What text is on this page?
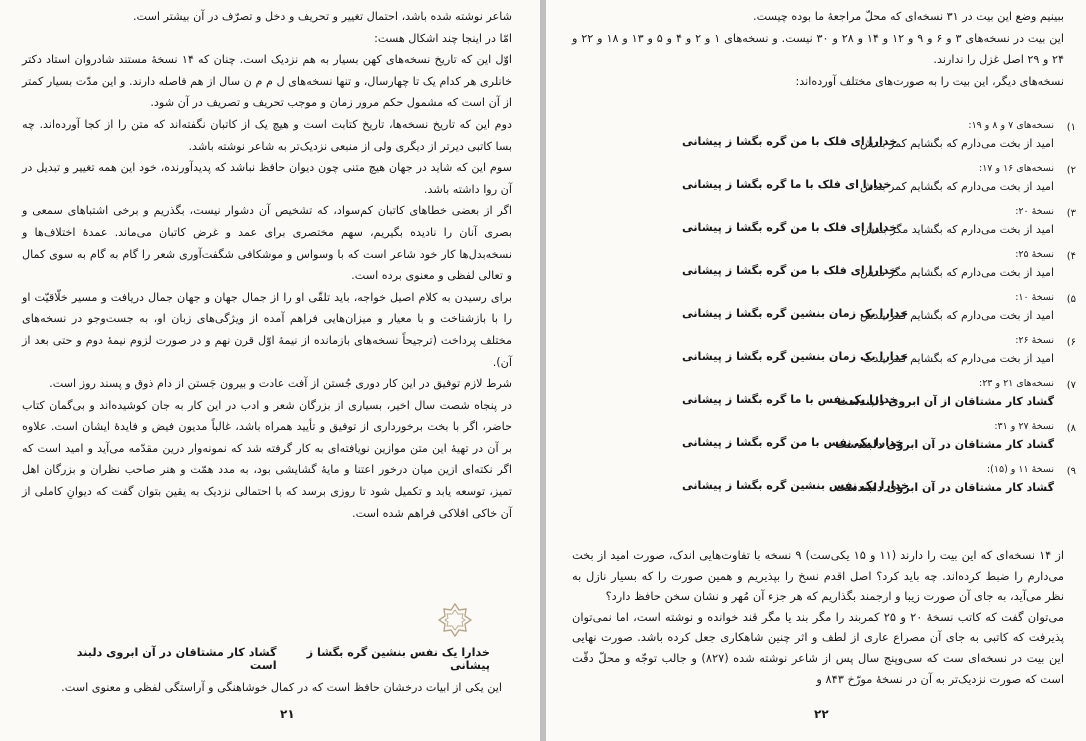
شاعر نوشته شده باشد، احتمال تغییر و تحریف و دخل و تصرّف در آن بیشتر است.

امّا در اینجا چند اشکال هست:

اوّل این که تاریخ نسخه‌های کهن بسیار به هم نزدیک است. چنان که ۱۴ نسخهٔ مستند شادروان استاد دکتر خانلری هر کدام یک تا چهارسال، و تنها نسخه‌های ل م م ن سال از هم فاصله دارند. و این مدّت بسیار کمتر از آن است که مشمول حکم مرور زمان و موجب تحریف و تصریف در آن شود.

دوم این که تاریخ نسخه‌ها، تاریخ کتابت است و هیچ یک از کاتبان نگفته‌اند که متن را از کجا آورده‌اند. چه بسا کاتبی دیرتر از دیگری ولی از منبعی نزدیک‌تر به شاعر نوشته باشد.

سوم این که شاید در جهان هیچ متنی چون دیوان حافظ نباشد که پدیدآورنده، خود این همه تغییر و تبدیل در آن روا داشته باشد.

اگر از بعضی خطاهای کاتبان کم‌سواد، که تشخیص آن دشوار نیست، بگذریم و برخی اشتباهای سمعی و بصری آنان را نادیده بگیریم، سهم مختصری برای عمد و غرض کاتبان می‌ماند. عمدهٔ اختلاف‌ها و نسخه‌بدل‌ها کار خود شاعر است که با وسواس و موشکافی شگفت‌آوری شعر را گام به گام به سوی کمال و تعالی لفظی و معنوی برده است.

برای رسیدن به کلام اصیل خواجه، باید تلقّی او را از جمال جهان و جهان جمال دریافت و مسیر خلّاقیّت او را با بازشناخت و با معیار و میزان‌هایی فراهم آمده از ویژگی‌های زبان او، به جست‌وجو در نسخه‌های مختلف پرداخت (ترجیحاً نسخه‌های بازمانده از نیمهٔ اوّل قرن نهم و در صورت لزوم نیمهٔ دوم و حتی بعد از آن).

شرط لازم توفیق در این کار دوری جُستن از آفت عادت و بیرون جَستن از دام ذوق و پسند روز است.

در پنجاه شصت سال اخیر، بسیاری از بزرگان شعر و ادب در این کار به جان کوشیده‌اند و بی‌گمان کتاب حاضر، اگر با بخت برخورداری از توفیق و تأیید همراه باشد، غالباً مدیون فیض و فایدهٔ ایشان است. علاوه بر آن در تهیهٔ این متن موازین نویافته‌ای به کار گرفته شد که نمونه‌وار درین مقدّمه می‌آید و امید است که اگر نکته‌ای ازین میان درخور اعتنا و مایهٔ گشایشی بود، به مدد همّت و هنر صاحب نظران و بزرگان اهل تمیز، توسعه یابد و تکمیل شود تا روزی برسد که با احتمالی نزدیک به یقین بتوان گفت که دیوانِ کاملی از آن خاکی افلاکی فراهم شده است.

خدارا یک نفس بنشین گره بگشا ز پیشانی
گشاد کار مشتاقان در آن ابروی دلبند است
این یکی از ابیات درخشان حافظ است که در کمال خوشاهنگی و آراستگی لفظی و معنوی است.
۲۱

ببینیم وضع این بیت در ۳۱ نسخه‌ای که محلّ مراجعهٔ ما بوده چیست.

این بیت در نسخه‌های ۳ و ۶ و ۹ و ۱۲ و ۱۴ و ۲۸ و ۳۰ نیست. و نسخه‌های ۱ و ۲ و ۴ و ۵ و ۱۳ و ۱۸ و ۲۲ و ۲۴ و ۲۹ اصل غزل را ندارند.

نسخه‌های دیگر، این بیت را به صورت‌های مختلف آورده‌اند:

۱)
نسخه‌های ۷ و ۸ و ۱۹:
امید از بخت می‌دارم که بگشایم کمر بندش
خدارا ای فلک با من گره بگشا ز پیشانی
۲)
نسخه‌های ۱۶ و ۱۷:
امید از بخت می‌دارم که بگشایم کمر بندش
خدارا ای فلک با ما گره بگشا ز پیشانی
۳)
نسخهٔ ۲۰:
امید از بخت می‌دارم که بگشاید مگر بندش
خدارا ای فلک با من گره بگشا ز پیشانی
۴)
نسخهٔ ۲۵:
امید از بخت می‌دارم که بگشایم مگر مدس
خدارا ای فلک با من گره بگشا ز پیشانی
۵)
نسخهٔ ۱۰:
امید از بخت می‌دارم که بگشایم کمر بندش
خدارا یک زمان بنشین گره بگشا ز پیشانی
۶)
نسخهٔ ۲۶:
امید از بخت می‌دارم که بگشایم کمر بندت
خدارا یک زمان بنشین گره بگشا ز پیشانی
۷)
نسخه‌های ۲۱ و ۲۳:
گشاد کار مشتاقان از آن ابروی دلبندست
خدارا یک نفس با ما گره بگشا ز پیشانی
۸)
نسخهٔ ۲۷ و ۳۱:
گشاد کار مشتاقان در آن ابروی دلبندست
خدارا یک نفس با من گره بگشا ز پیشانی
۹)
نسخهٔ ۱۱ و (۱۵):
گشاد کار مشتاقان در آن ابروی دلبندست
خدارا یک نفس بنشین گره بگشا ز پیشانی

از ۱۴ نسخه‌ای که این بیت را دارند (۱۱ و ۱۵ یکی‌ست) ۹ نسخه با تفاوت‌هایی اندک، صورت امید از بخت می‌دارم را ضبط کرده‌اند. چه باید کرد؟ اصل اقدم نسخ را بپذیریم و همین صورت را که بسیار نازل به نظر می‌آید، به جای آن صورت زیبا و ارجمند بگذاریم که هر جزء آن مُهر و نشان سخن حافظ دارد؟

می‌توان گفت که کاتب نسخهٔ ۲۰ و ۲۵ کمربند را مگر بند یا مگر قند خوانده و نوشته است، اما نمی‌توان پذیرفت که کاتبی به جای آن مصراع عاری از لطف و اثر چنین شاهکاری جعل کرده باشد. صورت نهایی این بیت در نسخه‌ای ست که سی‌وپنج سال پس از شاعر نوشته شده (۸۲۷) و جالب توجّه و محلّ دقّت است که صورت نزدیک‌تر به آن در نسخهٔ مورّخ ۸۴۳ و

۲۲
